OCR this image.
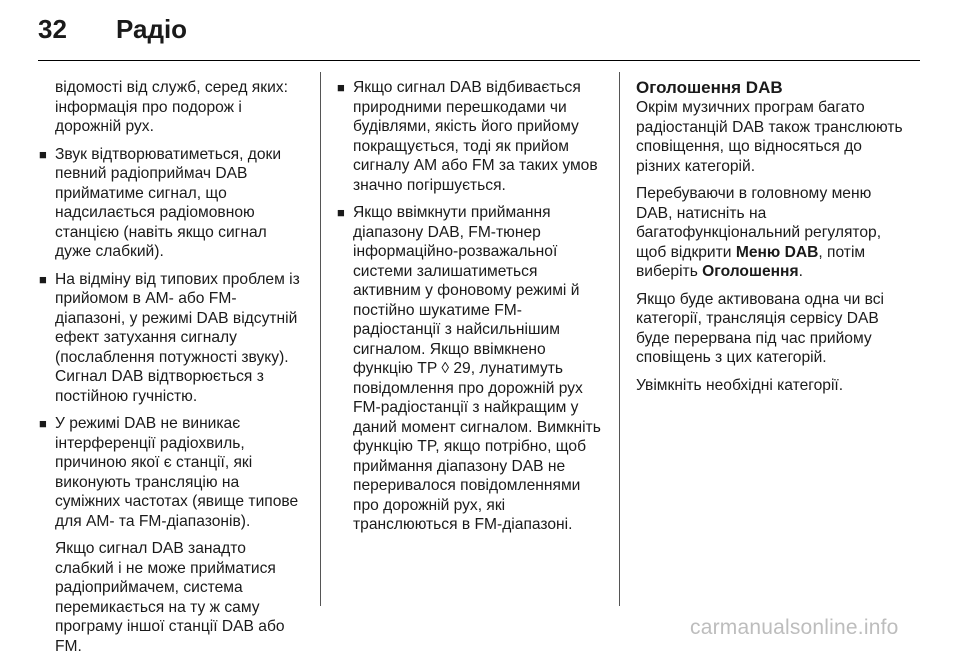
32 Радіо

відомості від служб, серед яких: інформація про подорож і дорожній рух.

■ Звук відтворюватиметься, доки певний радіоприймач DAB прийматиме сигнал, що надсилається радіомовною станцією (навіть якщо сигнал дуже слабкий).
■ На відміну від типових проблем із прийомом в AM- або FM-діапазоні, у режимі DAB відсутній ефект затухання сигналу (послаблення потужності звуку). Сигнал DAB відтворюється з постійною гучністю.
■ У режимі DAB не виникає інтерференції радіохвиль, причиною якої є станції, які виконують трансляцію на суміжних частотах (явище типове для AM- та FM-діапазонів).

Якщо сигнал DAB занадто слабкий і не може прийматися радіоприймачем, система перемикається на ту ж саму програму іншої станції DAB або FM.

■ Якщо сигнал DAB відбивається природними перешкодами чи будівлями, якість його прийому покращується, тоді як прийом сигналу AM або FM за таких умов значно погіршується.
■ Якщо ввімкнути приймання діапазону DAB, FM-тюнер інформаційно-розважальної системи залишатиметься активним у фоновому режимі й постійно шукатиме FM-радіостанції з найсильнішим сигналом. Якщо ввімкнено функцію TP ◊ 29, лунатимуть повідомлення про дорожній рух FM-радіостанції з найкращим у даний момент сигналом. Вимкніть функцію TP, якщо потрібно, щоб приймання діапазону DAB не переривалося повідомленнями про дорожній рух, які транслюються в FM-діапазоні.
Оголошення DAB

Окрім музичних програм багато радіостанцій DAB також транслюють сповіщення, що відносяться до різних категорій.

Перебуваючи в головному меню DAB, натисніть на багатофункціональний регулятор, щоб відкрити Меню DAB, потім виберіть Оголошення.

Якщо буде активована одна чи всі категорії, трансляція сервісу DAB буде перервана під час прийому сповіщень з цих категорій.

Увімкніть необхідні категорії.

carmanualsonline.info
